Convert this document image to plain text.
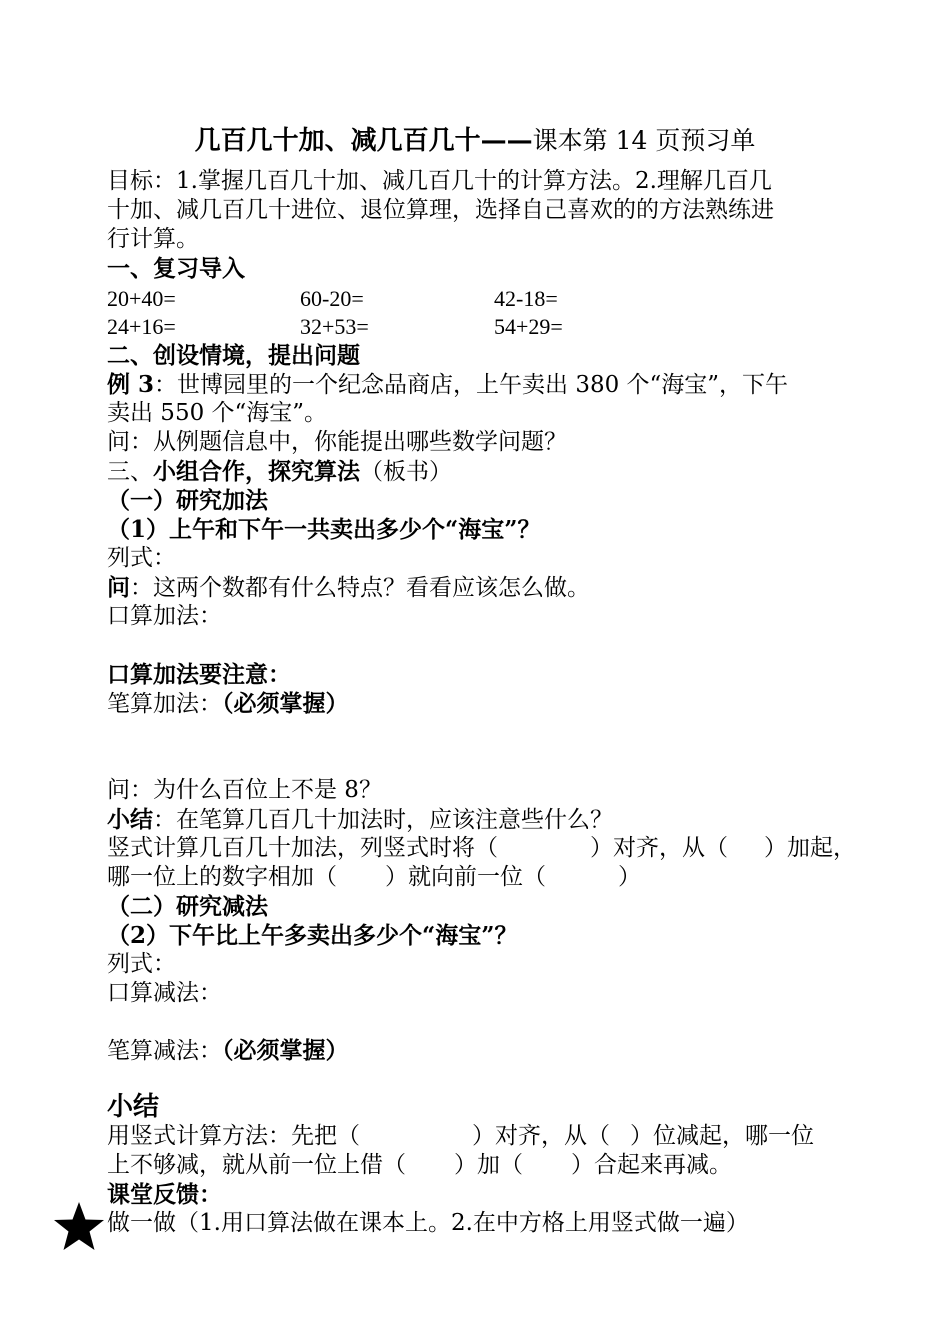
几百几十加、减几百几十——课本第 14 页预习单
目标：1.掌握几百几十加、减几百几十的计算方法。2.理解几百几
十加、减几百几十进位、退位算理，选择自己喜欢的的方法熟练进
行计算。
一、复习导入
20+40=	60-20=	42-18=
24+16=	32+53=	54+29=
二、创设情境，提出问题
例 3：世博园里的一个纪念品商店，上午卖出 380 个“海宝”，下午
卖出 550 个“海宝”。
问：从例题信息中，你能提出哪些数学问题？
三、小组合作，探究算法（板书）
（一）研究加法
（1）上午和下午一共卖出多少个“海宝”？
列式：
问：这两个数都有什么特点？看看应该怎么做。
口算加法：
口算加法要注意：
笔算加法：（必须掌握）
问：为什么百位上不是 8？
小结：在笔算几百几十加法时，应该注意些什么？
竖式计算几百几十加法，列竖式时将（	）对齐，从（ ）加起，
哪一位上的数字相加（ ）就向前一位（	）
（二）研究减法
（2）下午比上午多卖出多少个“海宝”？
列式：
口算减法：
笔算减法：（必须掌握）
小结
用竖式计算方法：先把（	）对齐，从（ ）位减起，哪一位
上不够减，就从前一位上借（ ）加（ ）合起来再减。
课堂反馈：
做一做（1.用口算法做在课本上。2.在中方格上用竖式做一遍）
